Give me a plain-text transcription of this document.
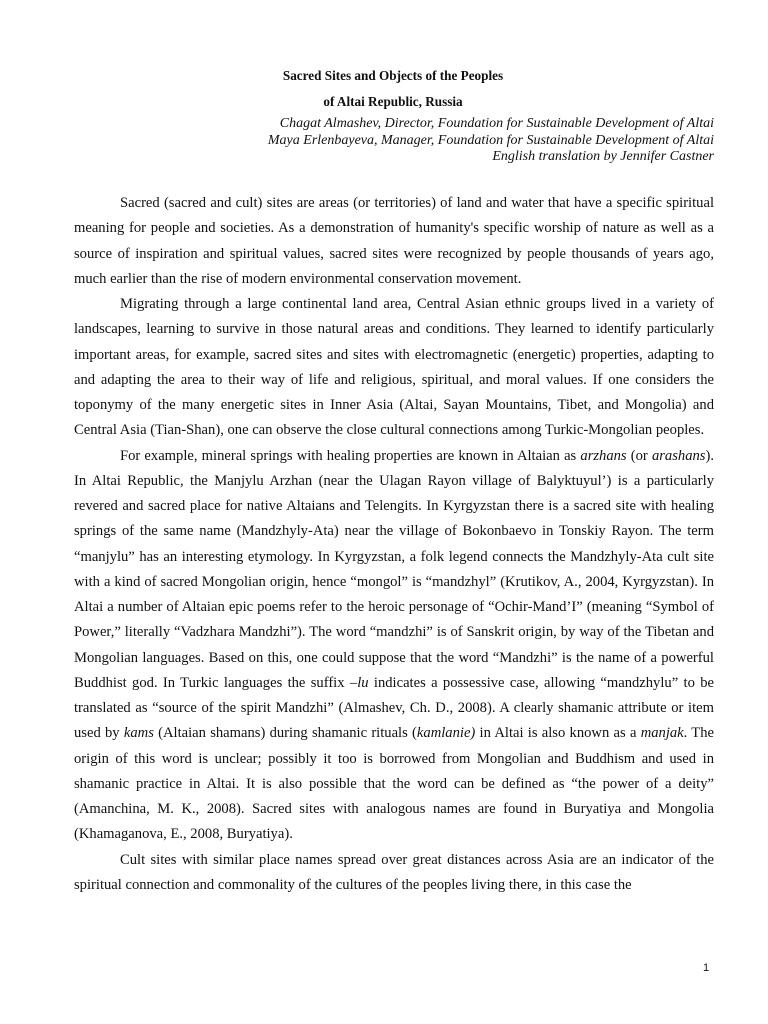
Sacred Sites and Objects of the Peoples
of Altai Republic, Russia
Chagat Almashev, Director, Foundation for Sustainable Development of Altai
Maya Erlenbayeva, Manager, Foundation for Sustainable Development of Altai
English translation by Jennifer Castner

Sacred (sacred and cult) sites are areas (or territories) of land and water that have a specific spiritual meaning for people and societies. As a demonstration of humanity's specific worship of nature as well as a source of inspiration and spiritual values, sacred sites were recognized by people thousands of years ago, much earlier than the rise of modern environmental conservation movement.

Migrating through a large continental land area, Central Asian ethnic groups lived in a variety of landscapes, learning to survive in those natural areas and conditions. They learned to identify particularly important areas, for example, sacred sites and sites with electromagnetic (energetic) properties, adapting to and adapting the area to their way of life and religious, spiritual, and moral values. If one considers the toponymy of the many energetic sites in Inner Asia (Altai, Sayan Mountains, Tibet, and Mongolia) and Central Asia (Tian-Shan), one can observe the close cultural connections among Turkic-Mongolian peoples.

For example, mineral springs with healing properties are known in Altaian as arzhans (or arashans). In Altai Republic, the Manjylu Arzhan (near the Ulagan Rayon village of Balyktuyul’) is a particularly revered and sacred place for native Altaians and Telengits. In Kyrgyzstan there is a sacred site with healing springs of the same name (Mandzhyly-Ata) near the village of Bokonbaevo in Tonskiy Rayon. The term “manjylu” has an interesting etymology. In Kyrgyzstan, a folk legend connects the Mandzhyly-Ata cult site with a kind of sacred Mongolian origin, hence “mongol” is “mandzhyl” (Krutikov, A., 2004, Kyrgyzstan). In Altai a number of Altaian epic poems refer to the heroic personage of “Ochir-Mand’I” (meaning “Symbol of Power,” literally “Vadzhara Mandzhi”). The word “mandzhi” is of Sanskrit origin, by way of the Tibetan and Mongolian languages. Based on this, one could suppose that the word “Mandzhi” is the name of a powerful Buddhist god. In Turkic languages the suffix –lu indicates a possessive case, allowing “mandzhylu” to be translated as “source of the spirit Mandzhi” (Almashev, Ch. D., 2008). A clearly shamanic attribute or item used by kams (Altaian shamans) during shamanic rituals (kamlanie) in Altai is also known as a manjak. The origin of this word is unclear; possibly it too is borrowed from Mongolian and Buddhism and used in shamanic practice in Altai. It is also possible that the word can be defined as “the power of a deity” (Amanchina, M. K., 2008). Sacred sites with analogous names are found in Buryatiya and Mongolia (Khamaganova, E., 2008, Buryatiya).

Cult sites with similar place names spread over great distances across Asia are an indicator of the spiritual connection and commonality of the cultures of the peoples living there, in this case the

1
